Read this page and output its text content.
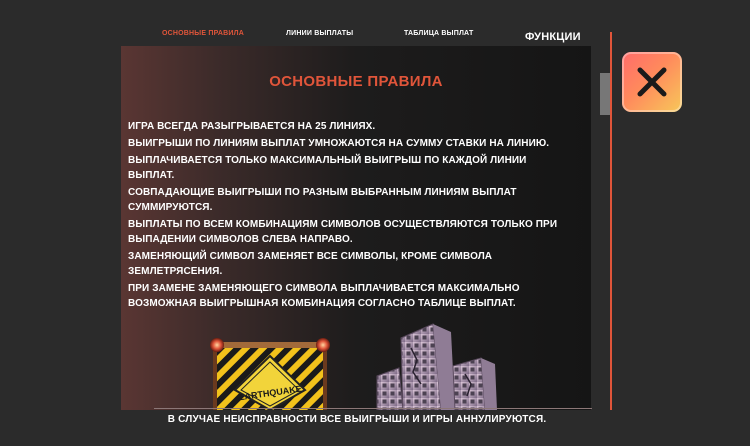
ОСНОВНЫЕ ПРАВИЛА	ЛИНИИ ВЫПЛАТЫ	ТАБЛИЦА ВЫПЛАТ	ФУНКЦИИ
ОСНОВНЫЕ ПРАВИЛА
ИГРА ВСЕГДА РАЗЫГРЫВАЕТСЯ НА 25 ЛИНИЯХ.
ВЫИГРЫШИ ПО ЛИНИЯМ ВЫПЛАТ УМНОЖАЮТСЯ НА СУММУ СТАВКИ НА ЛИНИЮ.
ВЫПЛАЧИВАЕТСЯ ТОЛЬКО МАКСИМАЛЬНЫЙ ВЫИГРЫШ ПО КАЖДОЙ ЛИНИИ ВЫПЛАТ.
СОВПАДАЮЩИЕ ВЫИГРЫШИ ПО РАЗНЫМ ВЫБРАННЫМ ЛИНИЯМ ВЫПЛАТ СУММИРУЮТСЯ.
ВЫПЛАТЫ ПО ВСЕМ КОМБИНАЦИЯМ СИМВОЛОВ ОСУЩЕСТВЛЯЮТСЯ ТОЛЬКО ПРИ ВЫПАДЕНИИ СИМВОЛОВ СЛЕВА НАПРАВО.
ЗАМЕНЯЮЩИЙ СИМВОЛ ЗАМЕНЯЕТ ВСЕ СИМВОЛЫ, КРОМЕ СИМВОЛА ЗЕМЛЕТРЯСЕНИЯ.
ПРИ ЗАМЕНЕ ЗАМЕНЯЮЩЕГО СИМВОЛА ВЫПЛАЧИВАЕТСЯ МАКСИМАЛЬНО ВОЗМОЖНАЯ ВЫИГРЫШНАЯ КОМБИНАЦИЯ СОГЛАСНО ТАБЛИЦЕ ВЫПЛАТ.
EARTHQUAKE
В СЛУЧАЕ НЕИСПРАВНОСТИ ВСЕ ВЫИГРЫШИ И ИГРЫ АННУЛИРУЮТСЯ.
